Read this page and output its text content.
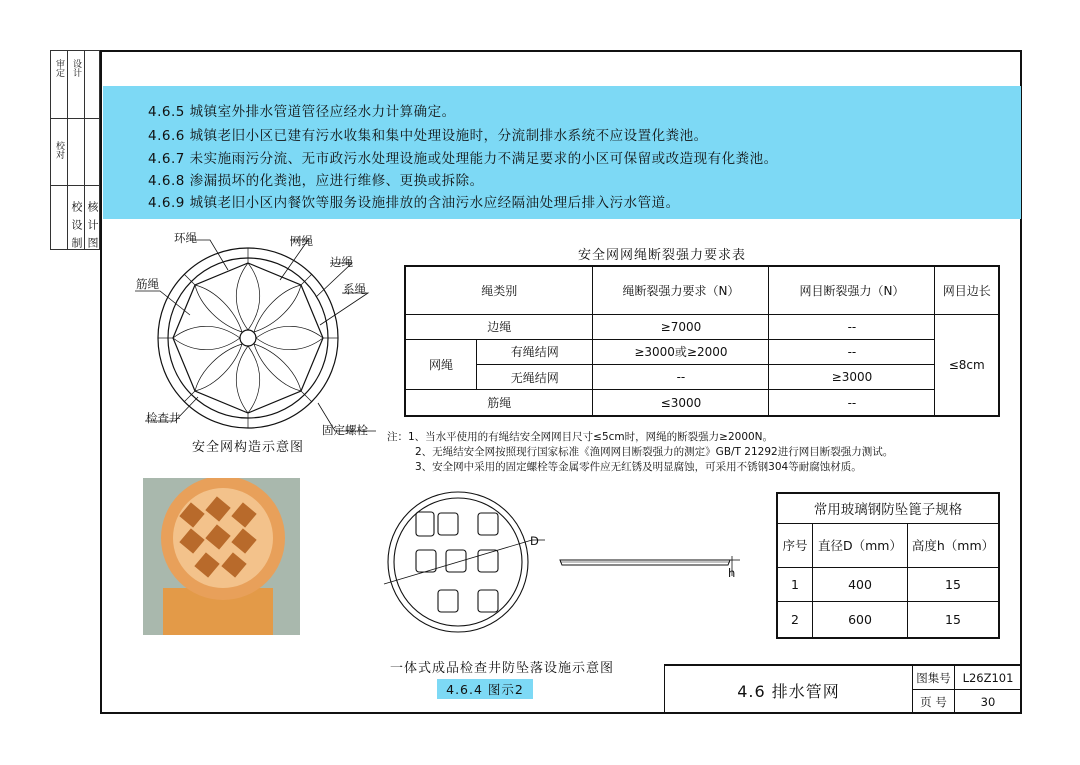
审定 设计
校对
核
计
图
校
设
制
4.6.5 城镇室外排水管道管径应经水力计算确定。
4.6.6 城镇老旧小区已建有污水收集和集中处理设施时，分流制排水系统不应设置化粪池。
4.6.7 未实施雨污分流、无市政污水处理设施或处理能力不满足要求的小区可保留或改造现有化粪池。
4.6.8 渗漏损坏的化粪池，应进行维修、更换或拆除。
4.6.9 城镇老旧小区内餐饮等服务设施排放的含油污水应经隔油处理后排入污水管道。
环绳	网绳
边绳
系绳
筋绳
检查井
固定螺栓
安全网构造示意图
安全网网绳断裂强力要求表
绳类别		绳断裂强力要求（N）	网目断裂强力（N）	网目边长
边绳		≥7000	--	≤8cm
网绳	有绳结网	≥3000或≥2000	--	
	无绳结网	--	≥3000	
筋绳		≤3000	--	
注：1、当水平使用的有绳结安全网网目尺寸≤5cm时，网绳的断裂强力≥2000N。
2、无绳结安全网按照现行国家标准《渔网网目断裂强力的测定》GB/T 21292进行网目断裂强力测试。
3、安全网中采用的固定螺栓等金属零件应无红锈及明显腐蚀，可采用不锈钢304等耐腐蚀材质。
D
h
一体式成品检查井防坠落设施示意图
4.6.4 图示2
常用玻璃钢防坠篦子规格		
序号	直径D（mm）	高度h（mm）
1	400	15
2	600	15
4.6 排水管网
图集号	L26Z101
页 号	30
